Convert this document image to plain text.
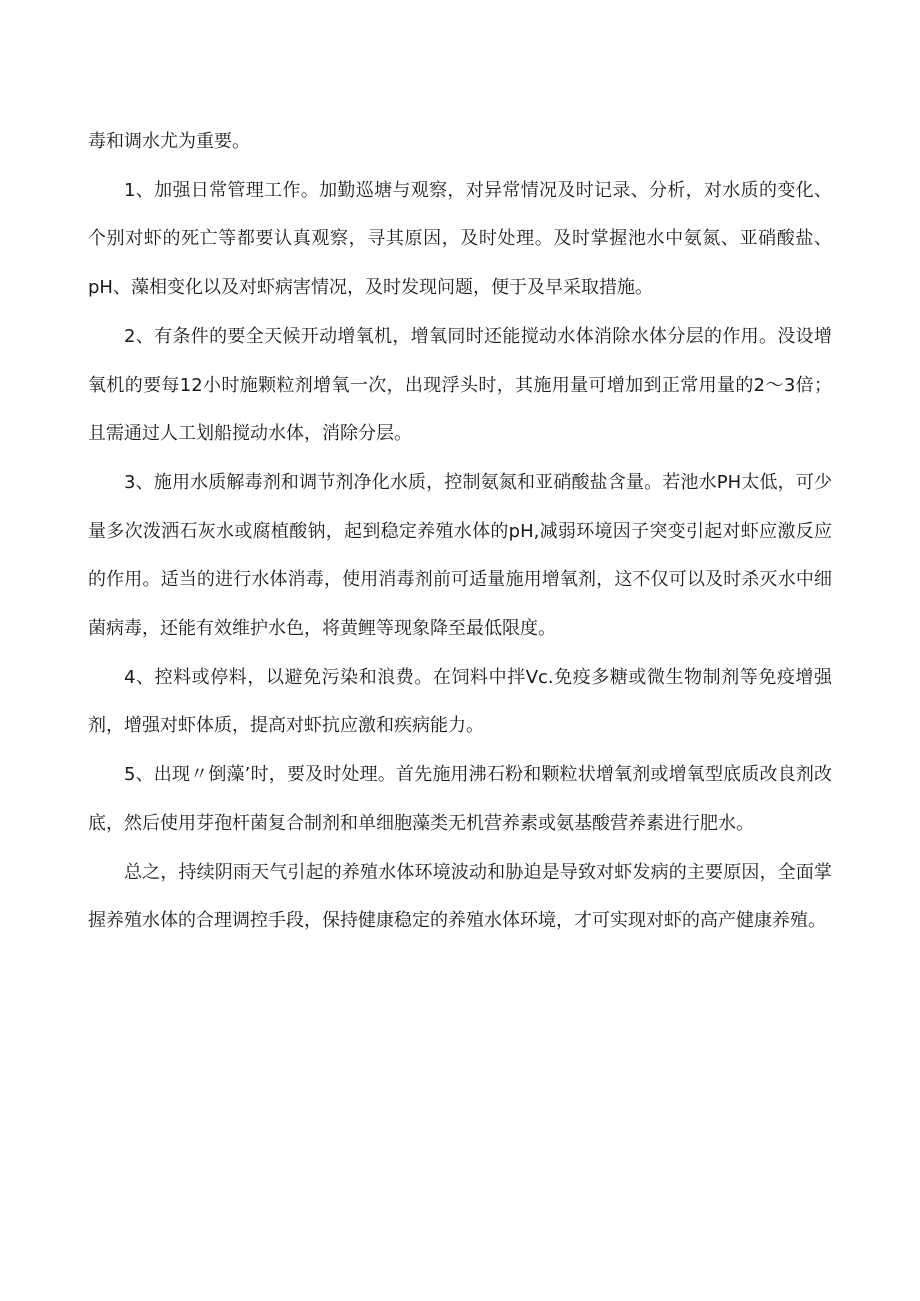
毒和调水尤为重要。

1、加强日常管理工作。加勤巡塘与观察，对异常情况及时记录、分析，对水质的变化、个别对虾的死亡等都要认真观察，寻其原因，及时处理。及时掌握池水中氨氮、亚硝酸盐、pH、藻相变化以及对虾病害情况，及时发现问题，便于及早采取措施。

2、有条件的要全天候开动增氧机，增氧同时还能搅动水体消除水体分层的作用。没设增氧机的要每12小时施颗粒剂增氧一次，出现浮头时，其施用量可增加到正常用量的2～3倍；且需通过人工划船搅动水体，消除分层。

3、施用水质解毒剂和调节剂净化水质，控制氨氮和亚硝酸盐含量。若池水PH太低，可少量多次泼洒石灰水或腐植酸钠，起到稳定养殖水体的pH,减弱环境因子突变引起对虾应激反应的作用。适当的进行水体消毒，使用消毒剂前可适量施用增氧剂，这不仅可以及时杀灭水中细菌病毒，还能有效维护水色，将黄鲤等现象降至最低限度。

4、控料或停料，以避免污染和浪费。在饲料中拌Vc.免疫多糖或微生物制剂等免疫增强剂，增强对虾体质，提高对虾抗应激和疾病能力。

5、出现〃倒藻’时，要及时处理。首先施用沸石粉和颗粒状增氧剂或增氧型底质改良剂改底，然后使用芽孢杆菌复合制剂和单细胞藻类无机营养素或氨基酸营养素进行肥水。

总之，持续阴雨天气引起的养殖水体环境波动和胁迫是导致对虾发病的主要原因，全面掌握养殖水体的合理调控手段，保持健康稳定的养殖水体环境，才可实现对虾的高产健康养殖。
